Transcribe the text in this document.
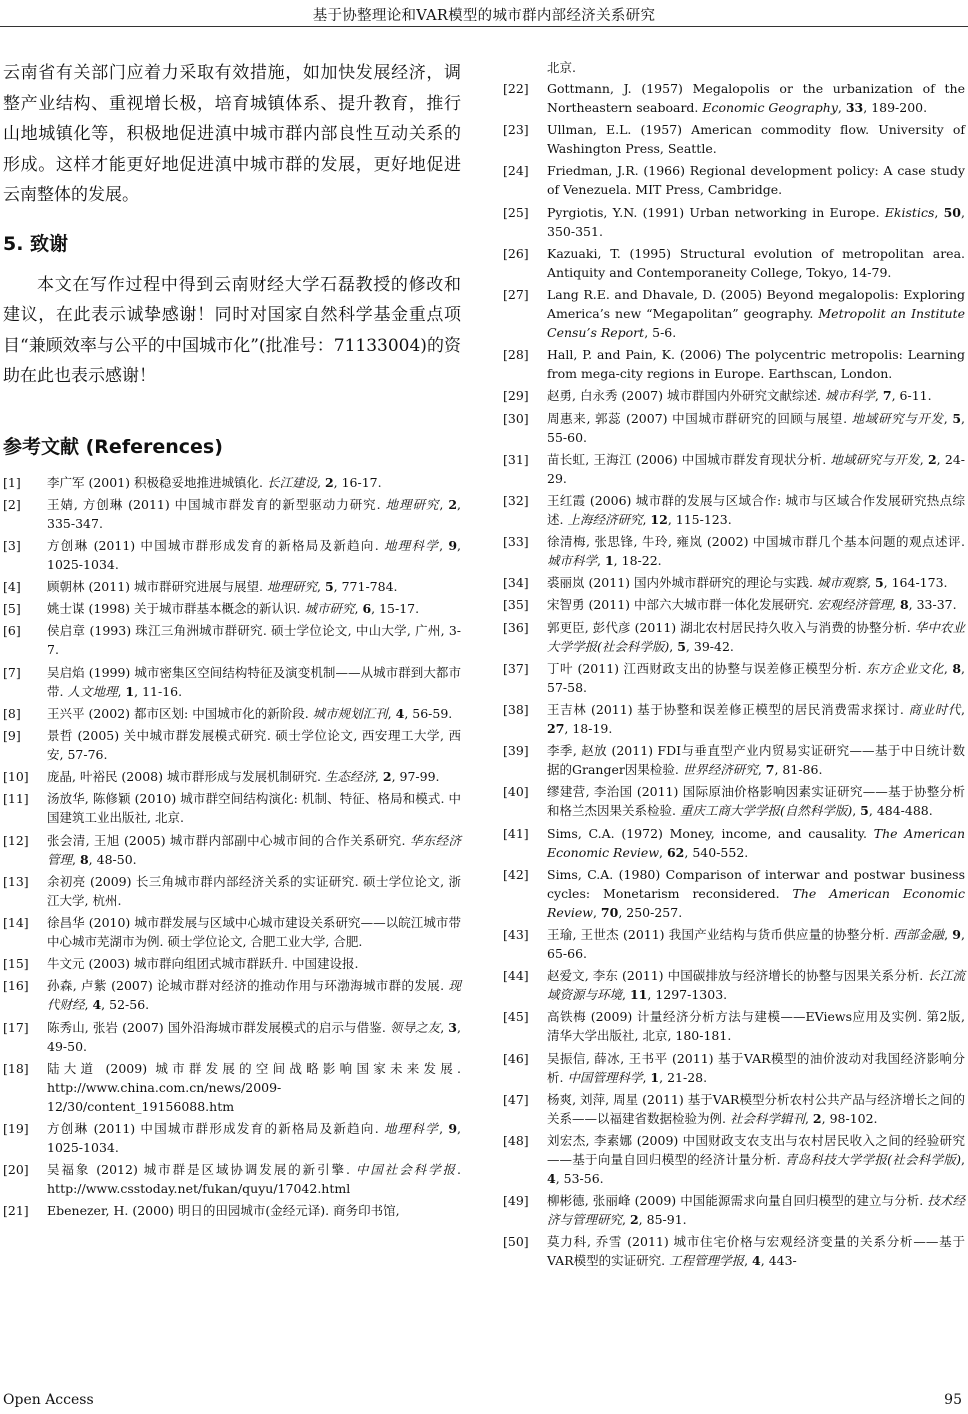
基于协整理论和VAR模型的城市群内部经济关系研究

云南省有关部门应着力采取有效措施，如加快发展经济，调整产业结构、重视增长极，培育城镇体系、提升教育，推行山地城镇化等，积极地促进滇中城市群内部良性互动关系的形成。这样才能更好地促进滇中城市群的发展，更好地促进云南整体的发展。

5. 致谢

本文在写作过程中得到云南财经大学石磊教授的修改和建议，在此表示诚挚感谢！同时对国家自然科学基金重点项目“兼顾效率与公平的中国城市化”(批准号：71133004)的资助在此也表示感谢！

参考文献 (References)
[1]	李广军 (2001) 积极稳妥地推进城镇化. 长江建设, 2, 16-17.
[2]	王婧, 方创琳 (2011) 中国城市群发育的新型驱动力研究. 地理研究, 2, 335-347.
[3]	方创琳 (2011) 中国城市群形成发育的新格局及新趋向. 地理科学, 9, 1025-1034.
[4]	顾朝林 (2011) 城市群研究进展与展望. 地理研究, 5, 771-784.
[5]	姚士谋 (1998) 关于城市群基本概念的新认识. 城市研究, 6, 15-17.
[6]	侯启章 (1993) 珠江三角洲城市群研究. 硕士学位论文, 中山大学, 广州, 3-7.
[7]	吴启焰 (1999) 城市密集区空间结构特征及演变机制——从城市群到大都市带. 人文地理, 1, 11-16.
[8]	王兴平 (2002) 都市区划: 中国城市化的新阶段. 城市规划汇刊, 4, 56-59.
[9]	景哲 (2005) 关中城市群发展模式研究. 硕士学位论文, 西安理工大学, 西安, 57-76.
[10]	庞晶, 叶裕民 (2008) 城市群形成与发展机制研究. 生态经济, 2, 97-99.
[11]	汤放华, 陈修颖 (2010) 城市群空间结构演化: 机制、特征、格局和模式. 中国建筑工业出版社, 北京.
[12]	张会清, 王旭 (2005) 城市群内部副中心城市间的合作关系研究. 华东经济管理, 8, 48-50.
[13]	余初亮 (2009) 长三角城市群内部经济关系的实证研究. 硕士学位论文, 浙江大学, 杭州.
[14]	徐昌华 (2010) 城市群发展与区域中心城市建设关系研究——以皖江城市带中心城市芜湖市为例. 硕士学位论文, 合肥工业大学, 合肥.
[15]	牛文元 (2003) 城市群向组团式城市群跃升. 中国建设报.
[16]	孙森, 卢紫 (2007) 论城市群对经济的推动作用与环渤海城市群的发展. 现代财经, 4, 52-56.
[17]	陈秀山, 张岩 (2007) 国外沿海城市群发展模式的启示与借鉴. 领导之友, 3, 49-50.
[18]	陆大道 (2009) 城市群发展的空间战略影响国家未来发展. http://www.china.com.cn/news/2009-12/30/content_19156088.htm
[19]	方创琳 (2011) 中国城市群形成发育的新格局及新趋向. 地理科学, 9, 1025-1034.
[20]	吴福象 (2012) 城市群是区域协调发展的新引擎. 中国社会科学报. http://www.csstoday.net/fukan/quyu/17042.html
[21]	Ebenezer, H. (2000) 明日的田园城市(金经元译). 商务印书馆,
北京.
[22]	Gottmann, J. (1957) Megalopolis or the urbanization of the Northeastern seaboard. Economic Geography, 33, 189-200.
[23]	Ullman, E.L. (1957) American commodity flow. University of Washington Press, Seattle.
[24]	Friedman, J.R. (1966) Regional development policy: A case study of Venezuela. MIT Press, Cambridge.
[25]	Pyrgiotis, Y.N. (1991) Urban networking in Europe. Ekistics, 50, 350-351.
[26]	Kazuaki, T. (1995) Structural evolution of metropolitan area. Antiquity and Contemporaneity College, Tokyo, 14-79.
[27]	Lang R.E. and Dhavale, D. (2005) Beyond megalopolis: Exploring America’s new “Megapolitan” geography. Metropolit an Institute Censu’s Report, 5-6.
[28]	Hall, P. and Pain, K. (2006) The polycentric metropolis: Learning from mega-city regions in Europe. Earthscan, London.
[29]	赵勇, 白永秀 (2007) 城市群国内外研究文献综述. 城市科学, 7, 6-11.
[30]	周惠来, 郭蕊 (2007) 中国城市群研究的回顾与展望. 地域研究与开发, 5, 55-60.
[31]	苗长虹, 王海江 (2006) 中国城市群发育现状分析. 地域研究与开发, 2, 24-29.
[32]	王红霞 (2006) 城市群的发展与区域合作: 城市与区域合作发展研究热点综述. 上海经济研究, 12, 115-123.
[33]	徐清梅, 张思锋, 牛玲, 雍岚 (2002) 中国城市群几个基本问题的观点述评. 城市科学, 1, 18-22.
[34]	裘丽岚 (2011) 国内外城市群研究的理论与实践. 城市观察, 5, 164-173.
[35]	宋智勇 (2011) 中部六大城市群一体化发展研究. 宏观经济管理, 8, 33-37.
[36]	郭更臣, 彭代彦 (2011) 湖北农村居民持久收入与消费的协整分析. 华中农业大学学报(社会科学版), 5, 39-42.
[37]	丁叶 (2011) 江西财政支出的协整与误差修正模型分析. 东方企业文化, 8, 57-58.
[38]	王吉林 (2011) 基于协整和误差修正模型的居民消费需求探讨. 商业时代, 27, 18-19.
[39]	李季, 赵放 (2011) FDI与垂直型产业内贸易实证研究——基于中日统计数据的Granger因果检验. 世界经济研究, 7, 81-86.
[40]	缪建营, 李治国 (2011) 国际原油价格影响因素实证研究——基于协整分析和格兰杰因果关系检验. 重庆工商大学学报(自然科学版), 5, 484-488.
[41]	Sims, C.A. (1972) Money, income, and causality. The American Economic Review, 62, 540-552.
[42]	Sims, C.A. (1980) Comparison of interwar and postwar business cycles: Monetarism reconsidered. The American Economic Review, 70, 250-257.
[43]	王瑜, 王世杰 (2011) 我国产业结构与货币供应量的协整分析. 西部金融, 9, 65-66.
[44]	赵爱文, 李东 (2011) 中国碳排放与经济增长的协整与因果关系分析. 长江流域资源与环境, 11, 1297-1303.
[45]	高铁梅 (2009) 计量经济分析方法与建模——EViews应用及实例. 第2版, 清华大学出版社, 北京, 180-181.
[46]	吴振信, 薛冰, 王书平 (2011) 基于VAR模型的油价波动对我国经济影响分析. 中国管理科学, 1, 21-28.
[47]	杨爽, 刘萍, 周星 (2011) 基于VAR模型分析农村公共产品与经济增长之间的关系——以福建省数据检验为例. 社会科学辑刊, 2, 98-102.
[48]	刘宏杰, 李素娜 (2009) 中国财政支农支出与农村居民收入之间的经验研究——基于向量自回归模型的经济计量分析. 青岛科技大学学报(社会科学版), 4, 53-56.
[49]	柳彬德, 张丽峰 (2009) 中国能源需求向量自回归模型的建立与分析. 技术经济与管理研究, 2, 85-91.
[50]	莫力科, 乔雪 (2011) 城市住宅价格与宏观经济变量的关系分析——基于VAR模型的实证研究. 工程管理学报, 4, 443-
Open Access	95
